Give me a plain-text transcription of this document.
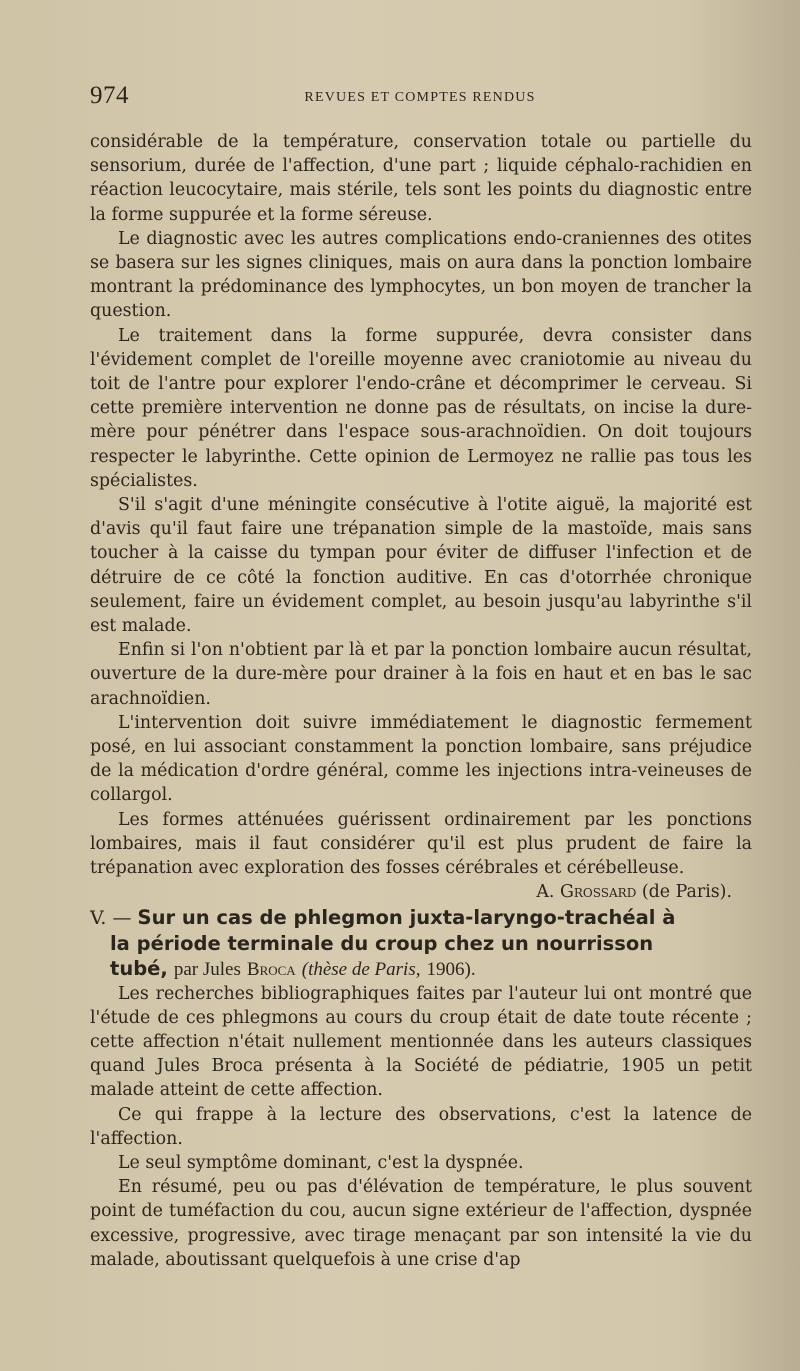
974	REVUES ET COMPTES RENDUS

considérable de la température, conservation totale ou partielle du sensorium, durée de l'affection, d'une part ; liquide céphalo-rachidien en réaction leucocytaire, mais stérile, tels sont les points du diagnostic entre la forme suppurée et la forme séreuse.

Le diagnostic avec les autres complications endo-craniennes des otites se basera sur les signes cliniques, mais on aura dans la ponction lombaire montrant la prédominance des lymphocytes, un bon moyen de trancher la question.

Le traitement dans la forme suppurée, devra consister dans l'évidement complet de l'oreille moyenne avec craniotomie au niveau du toit de l'antre pour explorer l'endo-crâne et décomprimer le cerveau. Si cette première intervention ne donne pas de résultats, on incise la dure-mère pour pénétrer dans l'espace sous-arachnoïdien. On doit toujours respecter le labyrinthe. Cette opinion de Lermoyez ne rallie pas tous les spécialistes.

S'il s'agit d'une méningite consécutive à l'otite aiguë, la majorité est d'avis qu'il faut faire une trépanation simple de la mastoïde, mais sans toucher à la caisse du tympan pour éviter de diffuser l'infection et de détruire de ce côté la fonction auditive. En cas d'otorrhée chronique seulement, faire un évidement complet, au besoin jusqu'au labyrinthe s'il est malade.

Enfin si l'on n'obtient par là et par la ponction lombaire aucun résultat, ouverture de la dure-mère pour drainer à la fois en haut et en bas le sac arachnoïdien.

L'intervention doit suivre immédiatement le diagnostic fermement posé, en lui associant constamment la ponction lombaire, sans préjudice de la médication d'ordre général, comme les injections intra-veineuses de collargol.

Les formes atténuées guérissent ordinairement par les ponctions lombaires, mais il faut considérer qu'il est plus prudent de faire la trépanation avec exploration des fosses cérébrales et cérébelleuse.

A. Grossard (de Paris).

V. — Sur un cas de phlegmon juxta-laryngo-trachéal à
la période terminale du croup chez un nourrisson
tubé, par Jules Broca (thèse de Paris, 1906).

Les recherches bibliographiques faites par l'auteur lui ont montré que l'étude de ces phlegmons au cours du croup était de date toute récente ; cette affection n'était nullement mentionnée dans les auteurs classiques quand Jules Broca présenta à la Société de pédiatrie, 1905 un petit malade atteint de cette affection.

Ce qui frappe à la lecture des observations, c'est la latence de l'affection.

Le seul symptôme dominant, c'est la dyspnée.

En résumé, peu ou pas d'élévation de température, le plus souvent point de tuméfaction du cou, aucun signe extérieur de l'affection, dyspnée excessive, progressive, avec tirage menaçant par son intensité la vie du malade, aboutissant quelquefois à une crise d'ap
